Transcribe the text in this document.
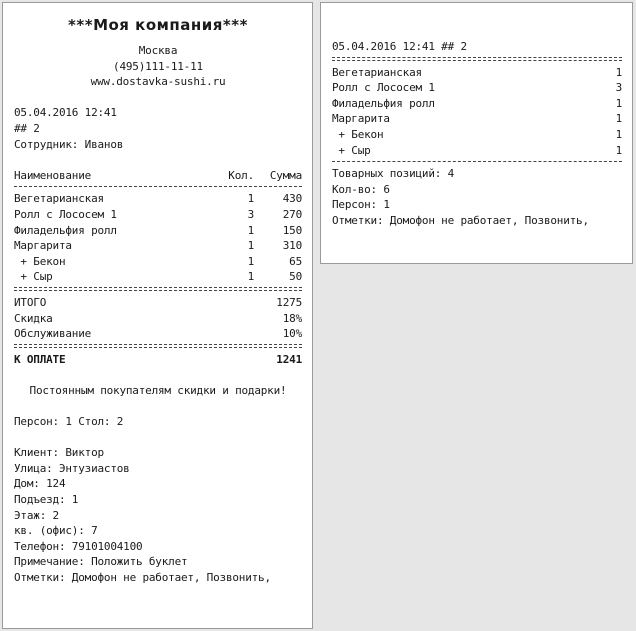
***Моя компания***
Москва
(495)111-11-11
www.dostavka-sushi.ru
05.04.2016 12:41
## 2
Сотрудник: Иванов
Наименование	Кол.	Сумма
Вегетарианская	1	430
Ролл с Лососем 1	3	270
Филадельфия ролл	1	150
Маргарита	1	310
+ Бекон	1	65
+ Сыр	1	50
ИТОГО	1275
Скидка	18%
Обслуживание	10%
К ОПЛАТЕ	1241
Постоянным покупателям скидки и подарки!
Персон: 1 Стол: 2
Клиент: Виктор
Улица: Энтузиастов
Дом: 124
Подъезд: 1
Этаж: 2
кв. (офис): 7
Телефон: 79101004100
Примечание: Положить буклет
Отметки: Домофон не работает, Позвонить,
05.04.2016 12:41 ## 2
Вегетарианская	1
Ролл с Лососем 1	3
Филадельфия ролл	1
Маргарита	1
+ Бекон	1
+ Сыр	1
Товарных позиций: 4
Кол-во: 6
Персон: 1
Отметки: Домофон не работает, Позвонить,
